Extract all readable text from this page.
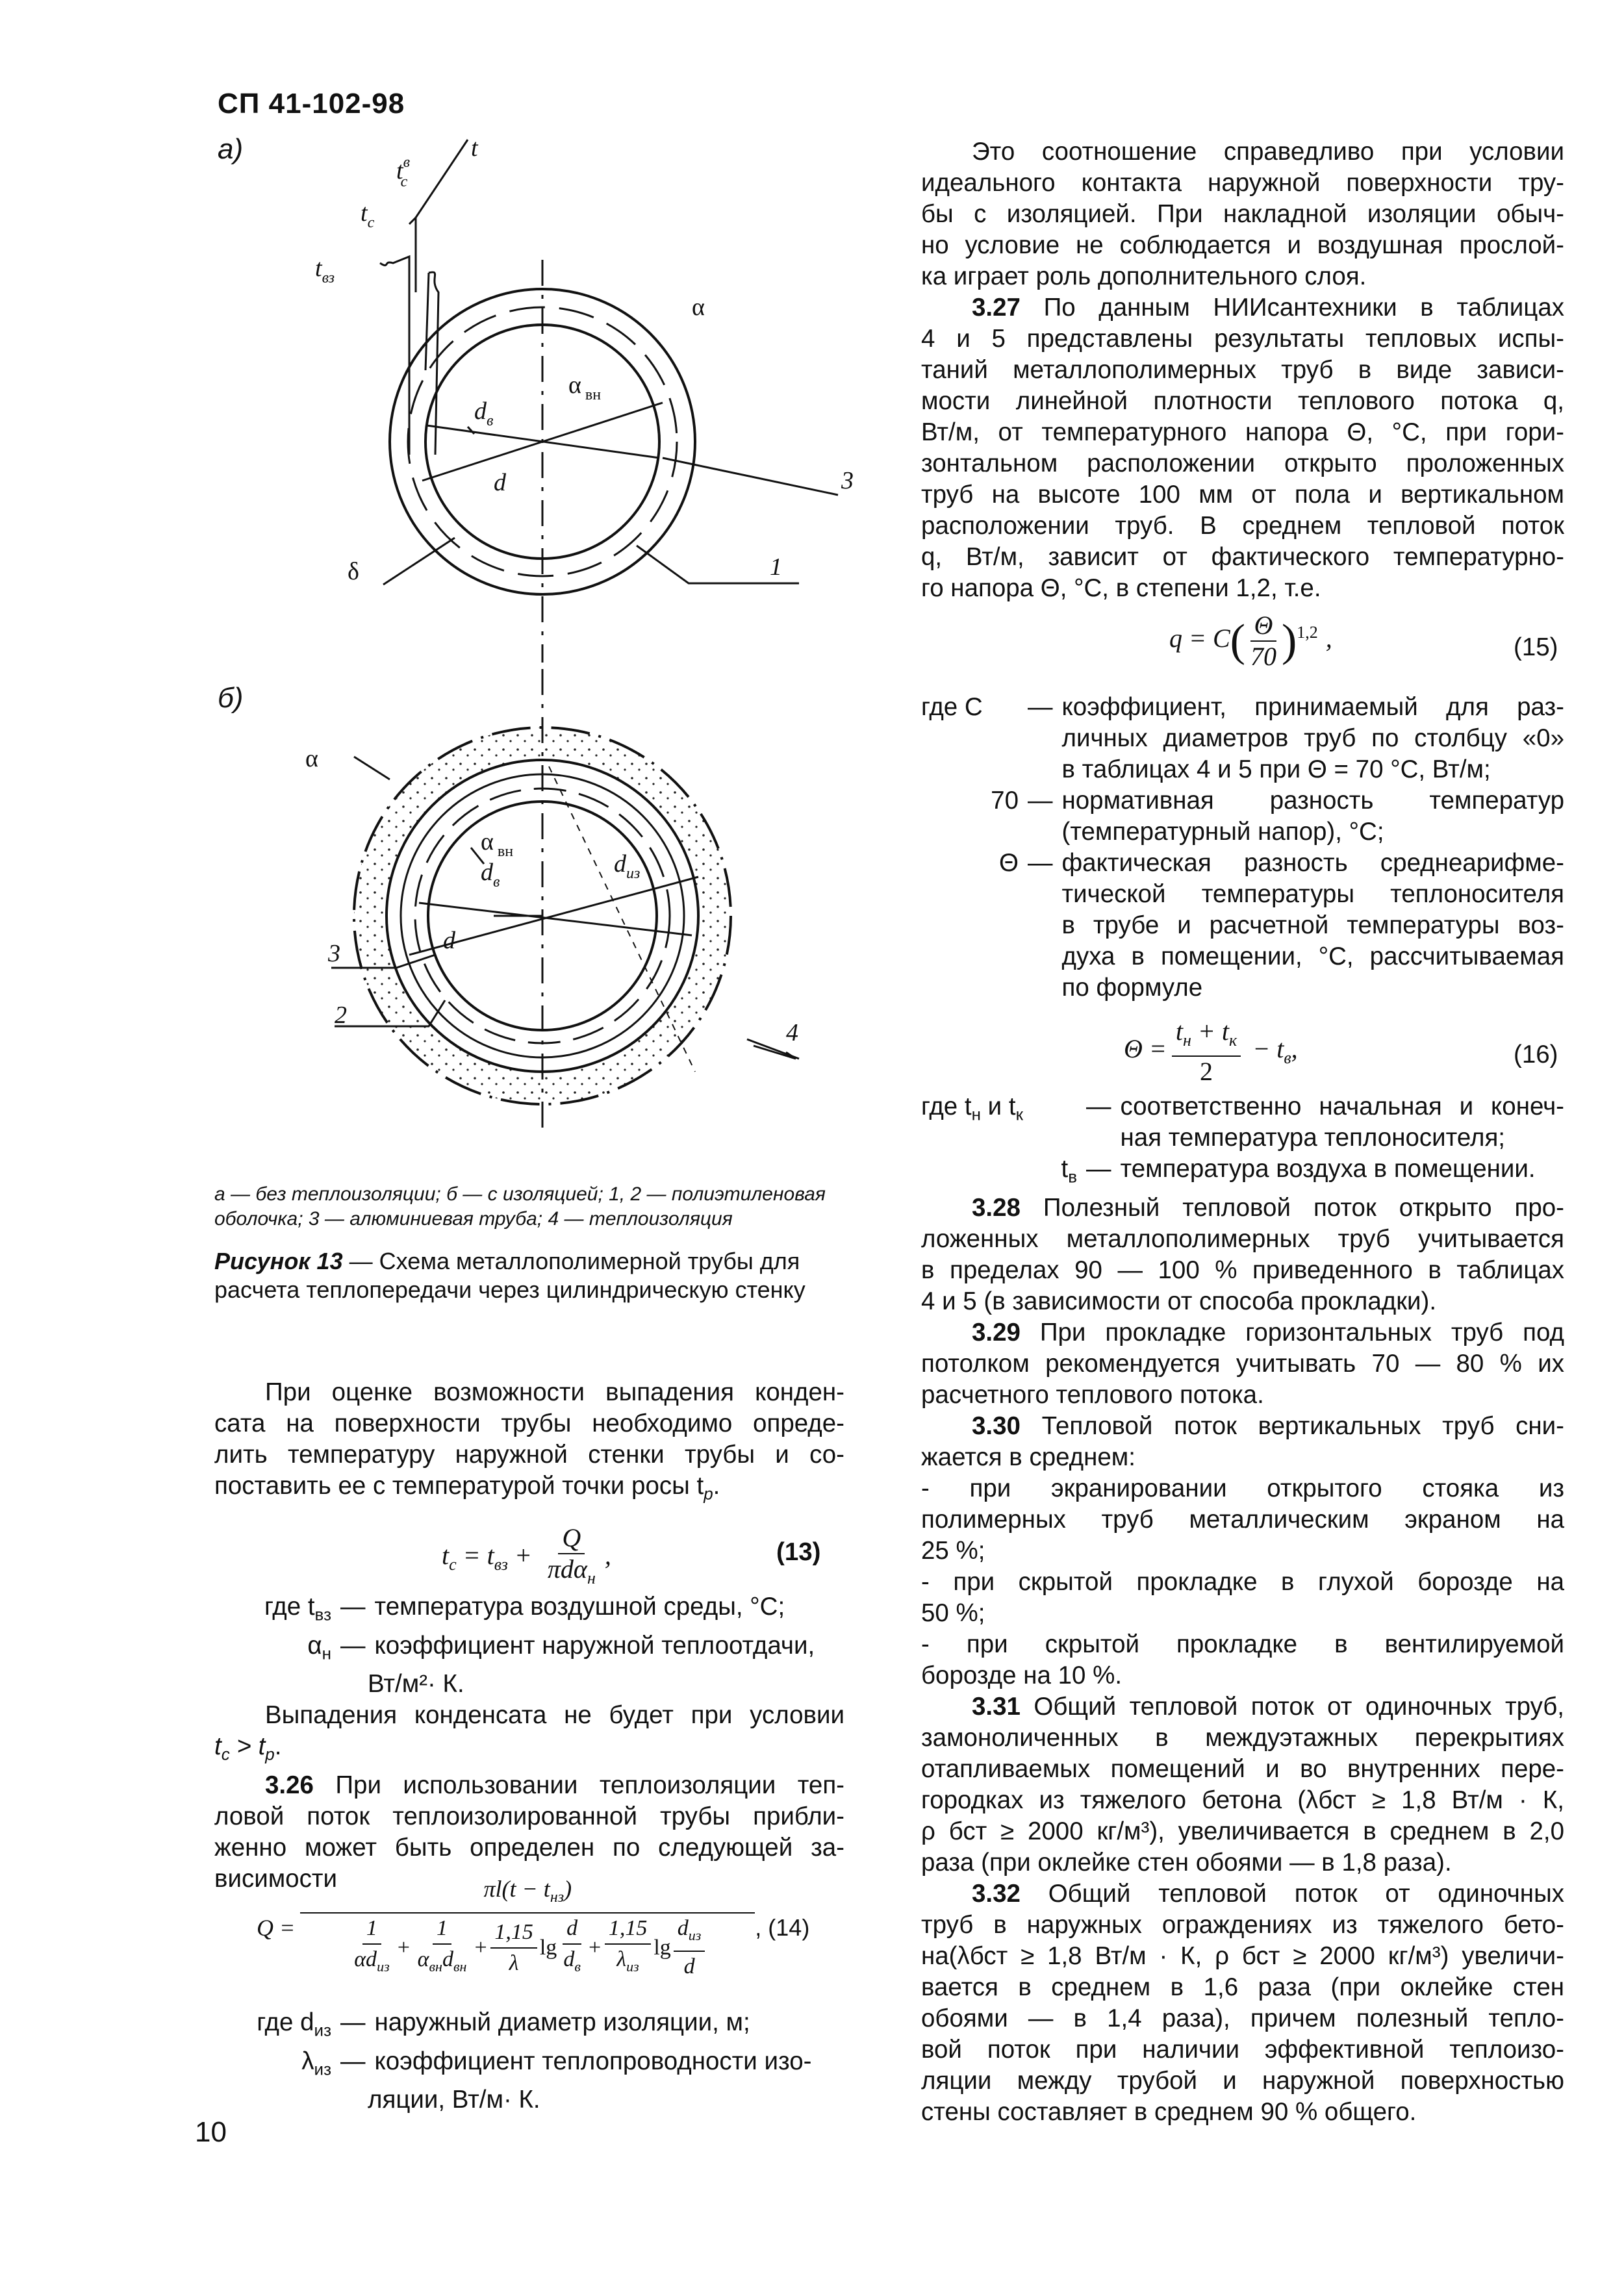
СП 41-102-98
а)
б)
t
$t^в$ с
$t_с$
$t_{вз}$
α
α $_{вн}$
$d_в$
d	3
1
δ
α
α $_{вн}$
$d_в$
$d_{из}$
d
3
2
4
а — без теплоизоляции; б — с изоляцией; 1, 2 — полиэтиленовая оболочка; 3 — алюминиевая труба; 4 — теплоизоляция
Рисунок 13 — Схема металлополимерной трубы для расчета теплопередачи через цилиндрическую стенку

При оценке возможности выпадения конден-

сата на поверхности трубы необходимо опреде-

лить температуру наружной стенки трубы и со-

поставить ее с температурой точки росы $t_р$.

$t_c = t_{вз} + \frac{Q}{\pi d\alpha_н}$ ,	(13)
где $t_{вз}$ — температура воздушной среды, °С;
$\alpha_н$ — коэффициент наружной теплоотдачи,
Вт/м²· К.

Выпадения конденсата не будет при условии

$t_с > t_р$.

3.26 При использовании теплоизоляции теп-

ловой поток теплоизолированной трубы прибли-

женно может быть определен по следующей за-

висимости

Q =
$\pi l(t - t_{нз})$
$\frac{1}{\alpha d_{из}} + \frac{1}{\alpha_{вн}d_{вн}} + \frac{1,15}{\lambda}$ $\lg \frac{d}{d_в} + \frac{1,15}{\lambda_{из}}$ $\lg \frac{d_{из}}{d}$ , (14)
где $d_{из}$ — наружный диаметр изоляции, м;
$\lambda_{из}$ — коэффициент теплопроводности изо-
ляции, Вт/м· К.

Это соотношение справедливо при условии

идеального контакта наружной поверхности тру-

бы с изоляцией. При накладной изоляции обыч-

но условие не соблюдается и воздушная прослой-

ка играет роль дополнительного слоя.

3.27 По данным НИИсантехники в таблицах

4 и 5 представлены результаты тепловых испы-

таний металлополимерных труб в виде зависи-

мости линейной плотности теплового потока q,

Вт/м, от температурного напора Θ, °С, при гори-

зонтальном расположении открыто проложенных

труб на высоте 100 мм от пола и вертикальном

расположении труб. В среднем тепловой поток

q, Вт/м, зависит от фактического температурно-

го напора Θ, °С, в степени 1,2, т.е.

$q = C( \frac{\Theta}{70} )^{1,2}$ ,	(15)
где C	— коэффициент, принимаемый для раз-
личных диаметров труб по столбцу «0»
в таблицах 4 и 5 при Θ = 70 °С, Вт/м;
70 — нормативная разность температур
(температурный напор), °С;
Θ — фактическая разность среднеарифме-
тической температуры теплоносителя
в трубе и расчетной температуры воз-
духа в помещении, °С, рассчитываемая
по формуле
$\Theta = \frac{t_н + t_к}{2} - t_в$,	(16)
где $t_н$ и $t_к$	— соответственно начальная и конеч-
ная температура теплоносителя;
$t_в$ — температура воздуха в помещении.

3.28 Полезный тепловой поток открыто про-

ложенных металлополимерных труб учитывается

в пределах 90 — 100 % приведенного в таблицах

4 и 5 (в зависимости от способа прокладки).

3.29 При прокладке горизонтальных труб под

потолком рекомендуется учитывать 70 — 80 % их

расчетного теплового потока.

3.30 Тепловой поток вертикальных труб сни-

жается в среднем:

- при экранировании открытого стояка из

полимерных труб металлическим экраном на

25 %;

- при скрытой прокладке в глухой борозде на

50 %;

- при скрытой прокладке в вентилируемой

борозде на 10 %.

3.31 Общий тепловой поток от одиночных труб,

замоноличенных в междуэтажных перекрытиях

отапливаемых помещений и во внутренних пере-

городках из тяжелого бетона (λбст ≥ 1,8 Вт/м · К,

ρ бст ≥ 2000 кг/м³), увеличивается в среднем в 2,0

раза (при оклейке стен обоями — в 1,8 раза).

3.32 Общий тепловой поток от одиночных

труб в наружных ограждениях из тяжелого бето-

на(λбст ≥ 1,8 Вт/м · К, ρ бст ≥ 2000 кг/м³) увеличи-

вается в среднем в 1,6 раза (при оклейке стен

обоями — в 1,4 раза), причем полезный тепло-

вой поток при наличии эффективной теплоизо-

ляции между трубой и наружной поверхностью

стены составляет в среднем 90 % общего.

10
